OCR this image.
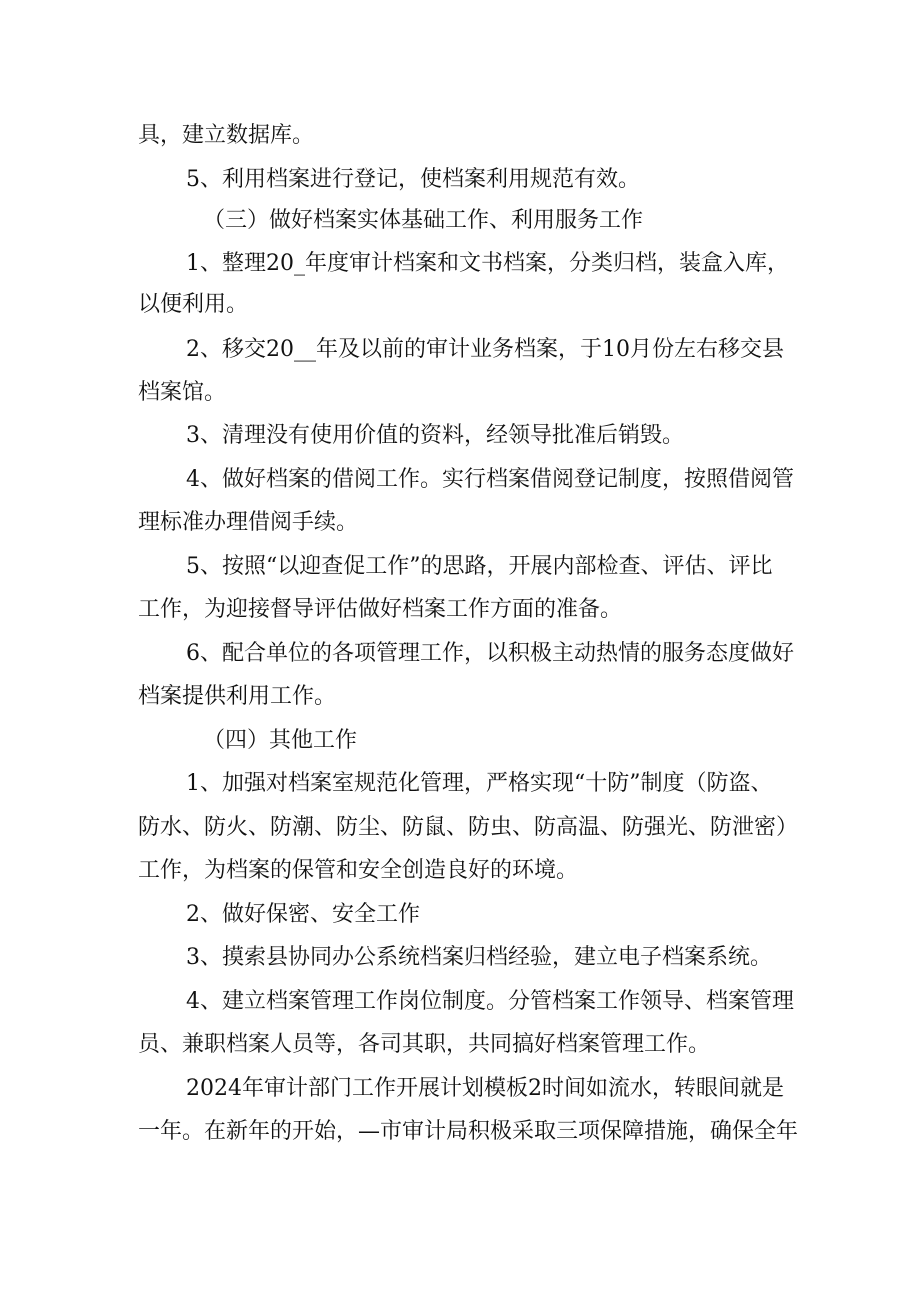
具，建立数据库。
5、利用档案进行登记，使档案利用规范有效。
（三）做好档案实体基础工作、利用服务工作
1、整理20_年度审计档案和文书档案，分类归档，装盒入库，
以便利用。
2、移交20__年及以前的审计业务档案，于10月份左右移交县
档案馆。
3、清理没有使用价值的资料，经领导批准后销毁。
4、做好档案的借阅工作。实行档案借阅登记制度，按照借阅管
理标准办理借阅手续。
5、按照“以迎查促工作”的思路，开展内部检查、评估、评比
工作，为迎接督导评估做好档案工作方面的准备。
6、配合单位的各项管理工作，以积极主动热情的服务态度做好
档案提供利用工作。
（四）其他工作
1、加强对档案室规范化管理，严格实现“十防”制度（防盗、
防水、防火、防潮、防尘、防鼠、防虫、防高温、防强光、防泄密）
工作，为档案的保管和安全创造良好的环境。
2、做好保密、安全工作
3、摸索县协同办公系统档案归档经验，建立电子档案系统。
4、建立档案管理工作岗位制度。分管档案工作领导、档案管理
员、兼职档案人员等，各司其职，共同搞好档案管理工作。
2024年审计部门工作开展计划模板2时间如流水，转眼间就是
一年。在新年的开始，—市审计局积极采取三项保障措施，确保全年
